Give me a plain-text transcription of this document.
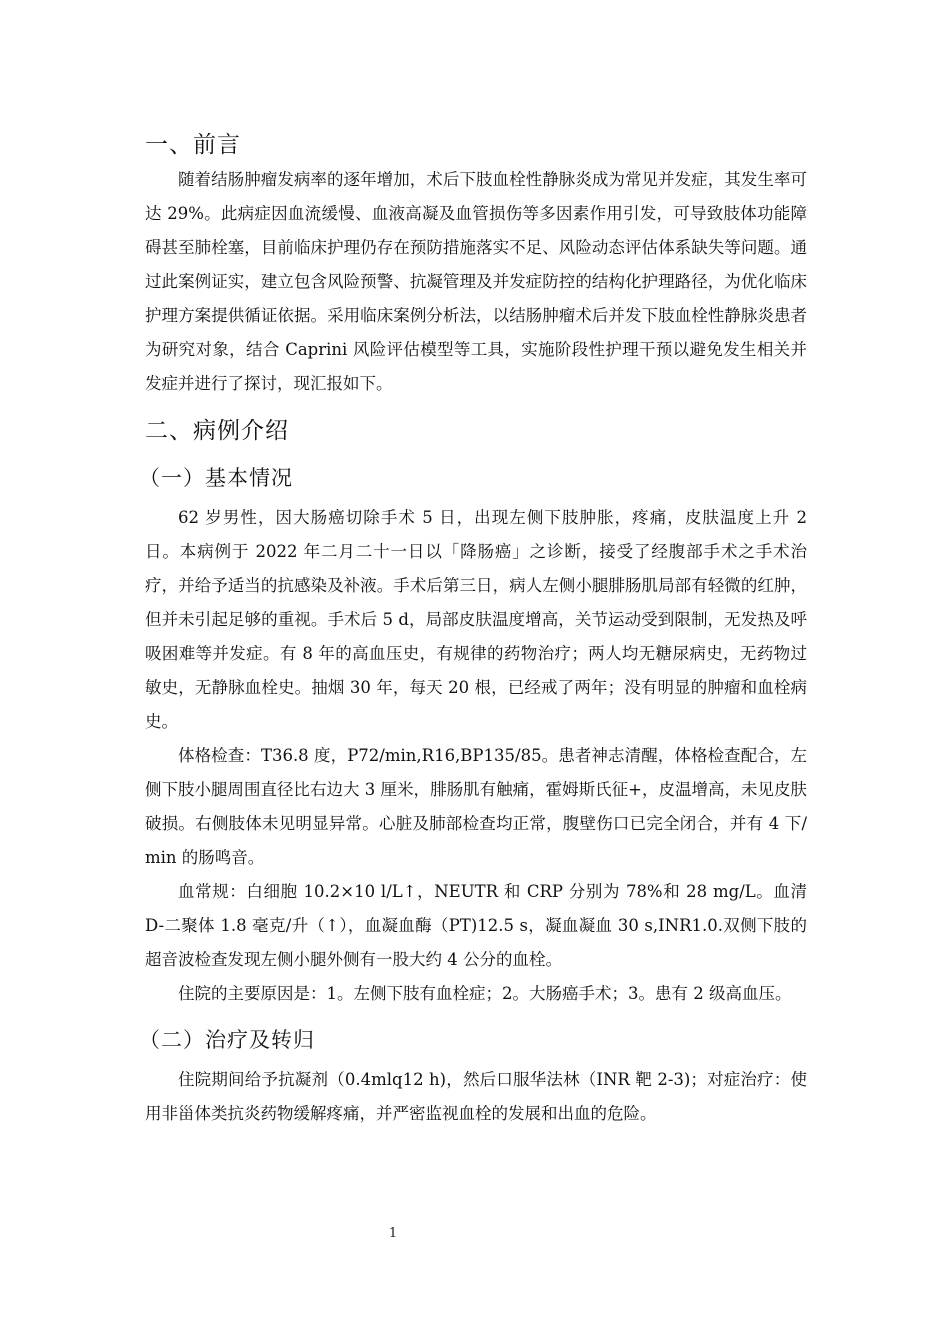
一、前言

随着结肠肿瘤发病率的逐年增加，术后下肢血栓性静脉炎成为常见并发症，其发生率可达 29%。此病症因血流缓慢、血液高凝及血管损伤等多因素作用引发，可导致肢体功能障碍甚至肺栓塞，目前临床护理仍存在预防措施落实不足、风险动态评估体系缺失等问题。通过此案例证实，建立包含风险预警、抗凝管理及并发症防控的结构化护理路径，为优化临床护理方案提供循证依据。采用临床案例分析法，以结肠肿瘤术后并发下肢血栓性静脉炎患者为研究对象，结合 Caprini 风险评估模型等工具，实施阶段性护理干预以避免发生相关并发症并进行了探讨，现汇报如下。

二、病例介绍
（一）基本情况

62 岁男性，因大肠癌切除手术 5 日，出现左侧下肢肿胀，疼痛，皮肤温度上升 2 日。本病例于 2022 年二月二十一日以「降肠癌」之诊断，接受了经腹部手术之手术治疗，并给予适当的抗感染及补液。手术后第三日，病人左侧小腿腓肠肌局部有轻微的红肿，但并未引起足够的重视。手术后 5 d，局部皮肤温度增高，关节运动受到限制，无发热及呼吸困难等并发症。有 8 年的高血压史，有规律的药物治疗；两人均无糖尿病史，无药物过敏史，无静脉血栓史。抽烟 30 年，每天 20 根，已经戒了两年；没有明显的肿瘤和血栓病史。

体格检查：T36.8 度，P72/min,R16,BP135/85。患者神志清醒，体格检查配合，左侧下肢小腿周围直径比右边大 3 厘米，腓肠肌有触痛，霍姆斯氏征+，皮温增高，未见皮肤破损。右侧肢体未见明显异常。心脏及肺部检查均正常，腹壁伤口已完全闭合，并有 4 下/min 的肠鸣音。

血常规：白细胞 10.2×10 l/L↑，NEUTR 和 CRP 分别为 78%和 28 mg/L。血清 D-二聚体 1.8 毫克/升（↑），血凝血酶（PT)12.5 s，凝血凝血 30 s,INR1.0.双侧下肢的超音波检查发现左侧小腿外侧有一股大约 4 公分的血栓。

住院的主要原因是：1。左侧下肢有血栓症；2。大肠癌手术；3。患有 2 级高血压。

（二）治疗及转归

住院期间给予抗凝剂（0.4mlq12 h)，然后口服华法林（INR 靶 2-3)；对症治疗：使用非甾体类抗炎药物缓解疼痛，并严密监视血栓的发展和出血的危险。

1
